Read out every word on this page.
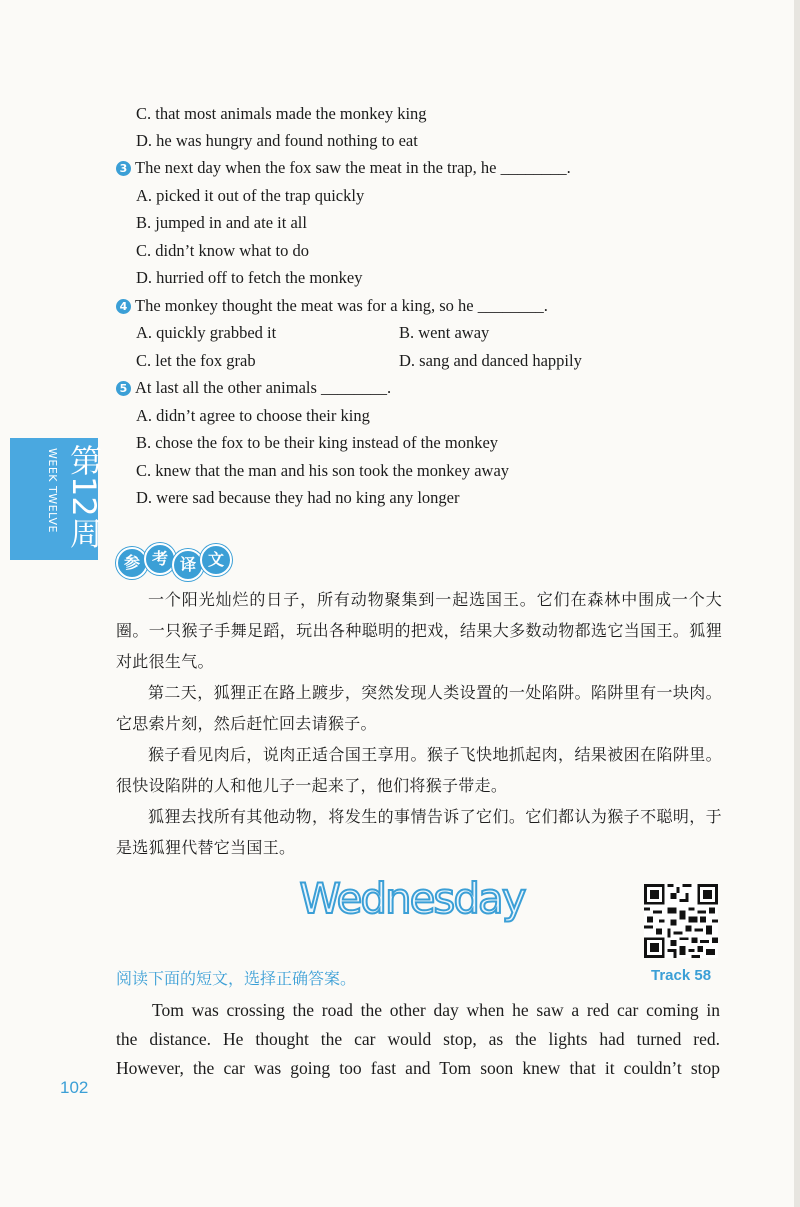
C. that most animals made the monkey king
D. he was hungry and found nothing to eat
3 The next day when the fox saw the meat in the trap, he ________.
A. picked it out of the trap quickly
B. jumped in and ate it all
C. didn’t know what to do
D. hurried off to fetch the monkey
4 The monkey thought the meat was for a king, so he ________.
A. quickly grabbed it	B. went away
C. let the fox grab	D. sang and danced happily
5 At last all the other animals ________.
A. didn’t agree to choose their king
B. chose the fox to be their king instead of the monkey
C. knew that the man and his son took the monkey away
D. were sad because they had no king any longer
第12周
WEEK TWELVE
参 考 译 文
一个阳光灿烂的日子，所有动物聚集到一起选国王。它们在森林中围成一个大圈。一只猴子手舞足蹈，玩出各种聪明的把戏，结果大多数动物都选它当国王。狐狸对此很生气。
第二天，狐狸正在路上踱步，突然发现人类设置的一处陷阱。陷阱里有一块肉。它思索片刻，然后赶忙回去请猴子。
猴子看见肉后，说肉正适合国王享用。猴子飞快地抓起肉，结果被困在陷阱里。很快设陷阱的人和他儿子一起来了，他们将猴子带走。
狐狸去找所有其他动物，将发生的事情告诉了它们。它们都认为猴子不聪明，于是选狐狸代替它当国王。
Wednesday
Track 58
阅读下面的短文，选择正确答案。
Tom was crossing the road the other day when he saw a red car coming in
the distance. He thought the car would stop, as the lights had turned red.
However, the car was going too fast and Tom soon knew that it couldn’t stop
102
